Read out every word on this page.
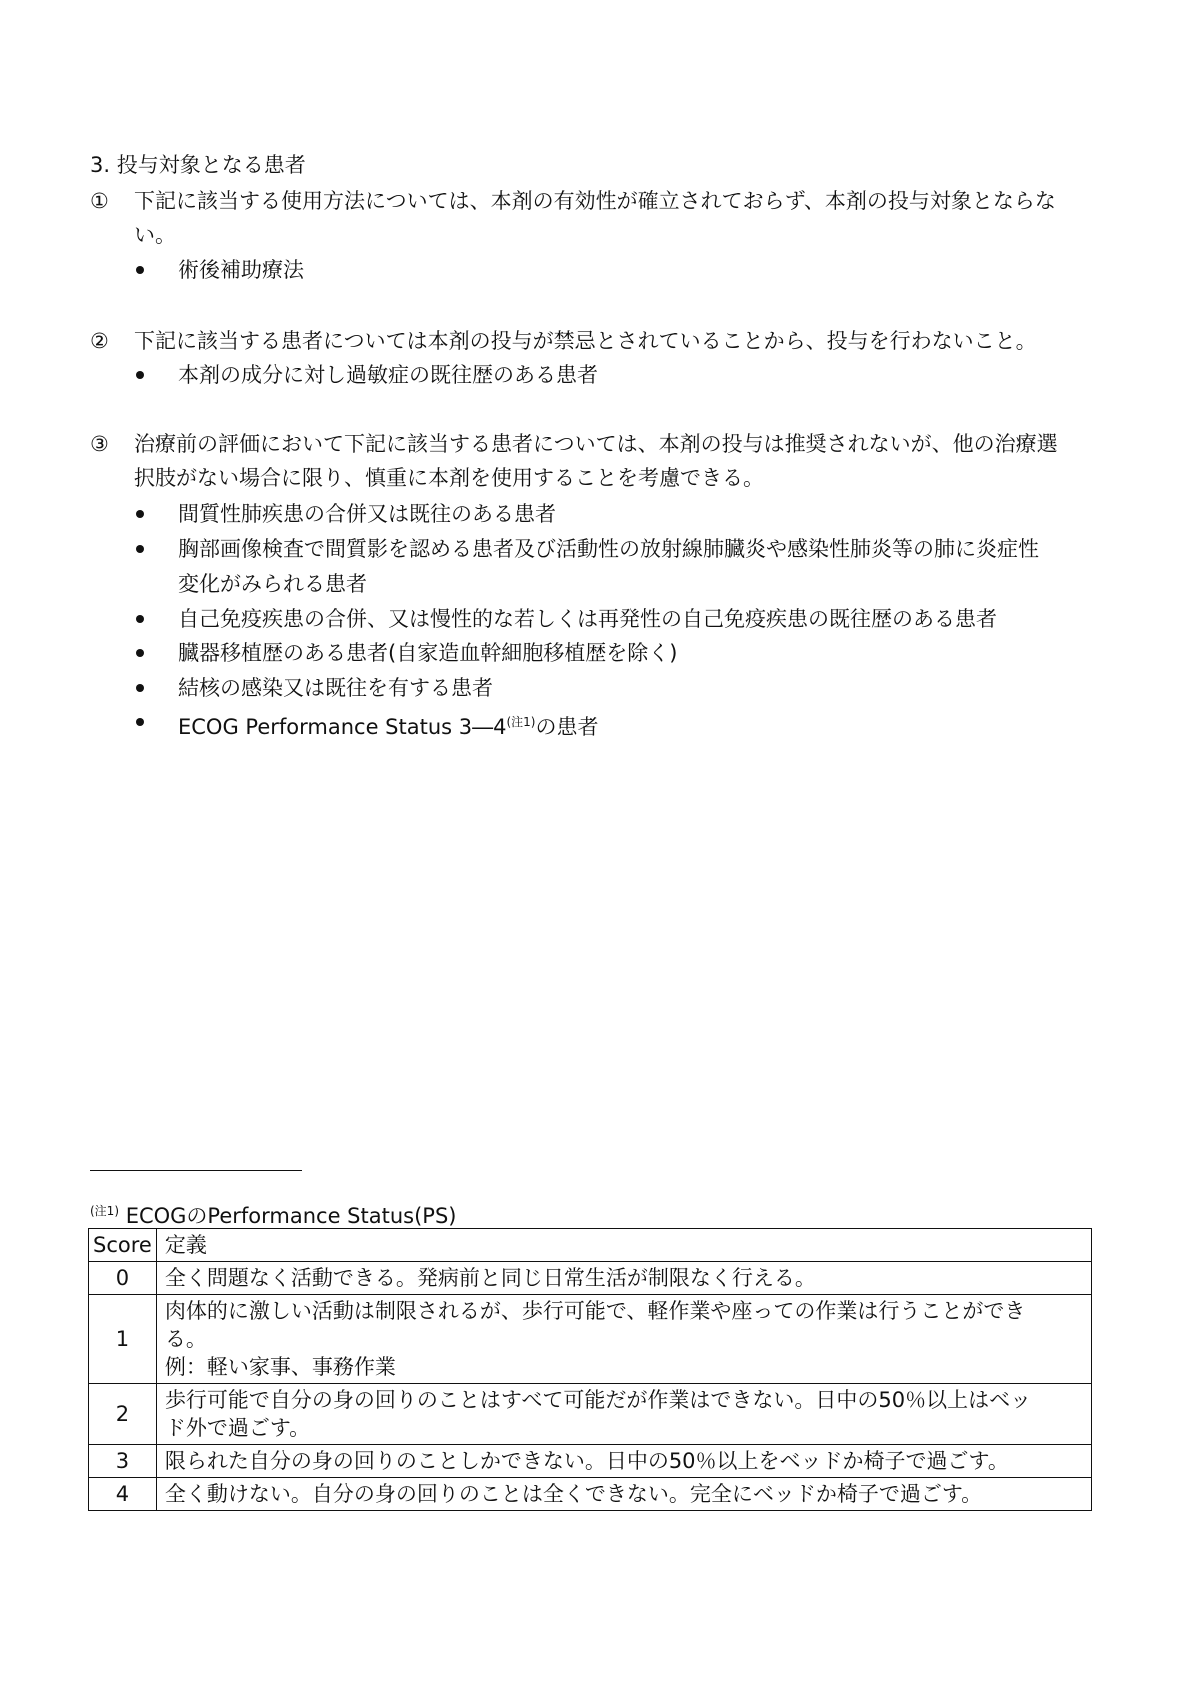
3. 投与対象となる患者
① 下記に該当する使用方法については、本剤の有効性が確立されておらず、本剤の投与対象とならな
い。
術後補助療法
② 下記に該当する患者については本剤の投与が禁忌とされていることから、投与を行わないこと。
本剤の成分に対し過敏症の既往歴のある患者
③ 治療前の評価において下記に該当する患者については、本剤の投与は推奨されないが、他の治療選
択肢がない場合に限り、慎重に本剤を使用することを考慮できる。
間質性肺疾患の合併又は既往のある患者
胸部画像検査で間質影を認める患者及び活動性の放射線肺臓炎や感染性肺炎等の肺に炎症性
変化がみられる患者
自己免疫疾患の合併、又は慢性的な若しくは再発性の自己免疫疾患の既往歴のある患者
臓器移植歴のある患者(自家造血幹細胞移植歴を除く)
結核の感染又は既往を有する患者
ECOG Performance Status $3―4^{(注1)}$の患者
$^{(注1)}$ ECOGのPerformance Status(PS)
Score	定義
0	全く問題なく活動できる。発病前と同じ日常生活が制限なく行える。

1	肉体的に激しい活動は制限されるが、歩行可能で、軽作業や座っての作業は行うことができ
る。
例：軽い家事、事務作業

2	歩行可能で自分の身の回りのことはすべて可能だが作業はできない。日中の50％以上はベッ
ド外で過ごす。

3	限られた自分の身の回りのことしかできない。日中の50％以上をベッドか椅子で過ごす。

4	全く動けない。自分の身の回りのことは全くできない。完全にベッドか椅子で過ごす。
